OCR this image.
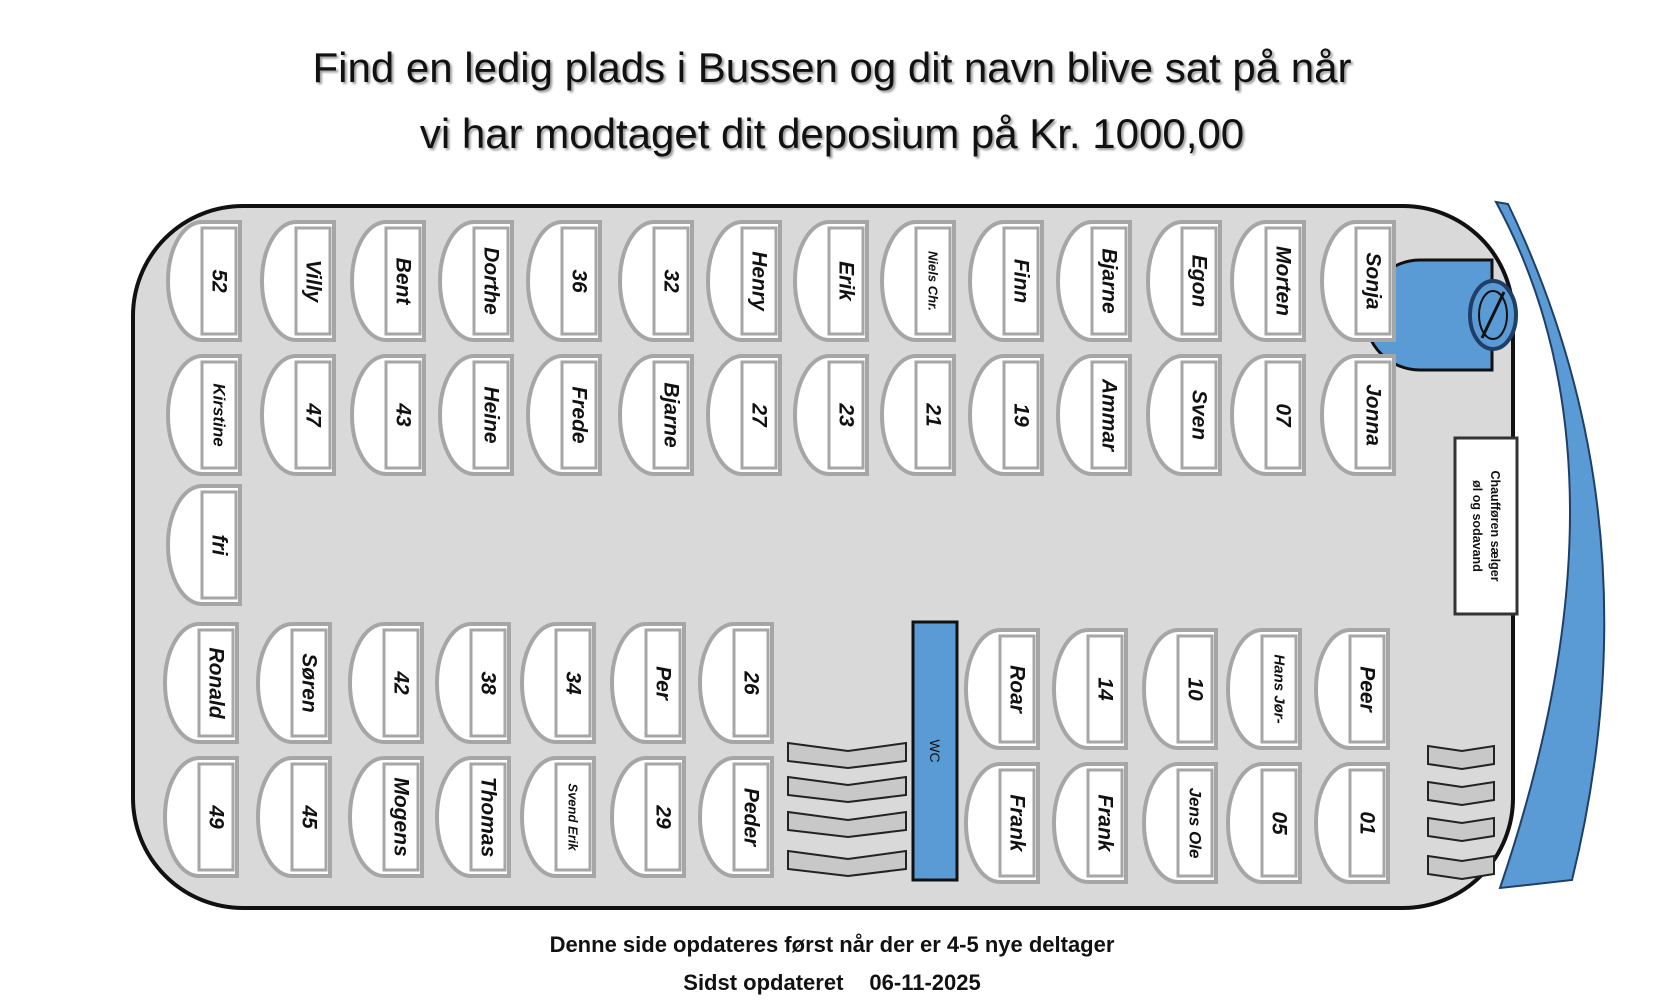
Find en ledig plads i Bussen og dit navn blive sat på når
vi har modtaget dit deposium på Kr. 1000,00
Chaufføren sælger
øl og sodavand
WC
52	Villy	Bent	Dorthe	36	32	Henry	Erik	Niels Chr.	Finn	Bjarne	Egon	Morten	Sonja
Kirstine	47	43	Heine	Frede	Bjarne	27	23	21	19	Ammar	Sven	07	Jonna
fri
Ronald	Søren	42	38	34	Per	26
49	45	Mogens	Thomas	Svend Erik	29	Peder
Roar	14	10	Hans Jør-	Peer
Frank	Frank	Jens Ole	05	01
Denne side opdateres først når der er 4-5 nye deltager
Sidst opdateret 06-11-2025
